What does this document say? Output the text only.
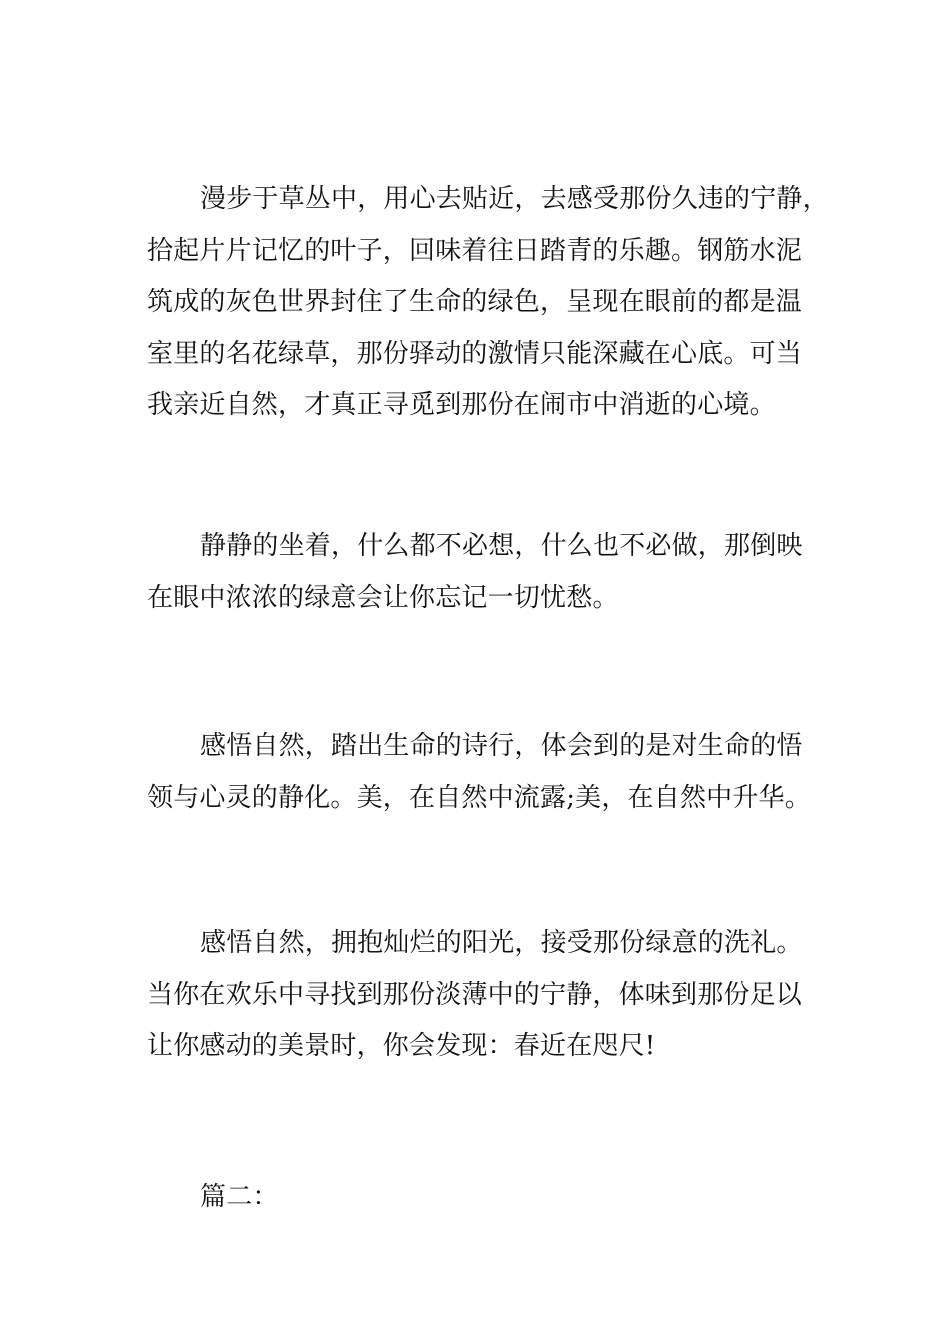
漫步于草丛中，用心去贴近，去感受那份久违的宁静，
拾起片片记忆的叶子，回味着往日踏青的乐趣。钢筋水泥
筑成的灰色世界封住了生命的绿色，呈现在眼前的都是温
室里的名花绿草，那份驿动的激情只能深藏在心底。可当
我亲近自然，才真正寻觅到那份在闹市中消逝的心境。
静静的坐着，什么都不必想，什么也不必做，那倒映
在眼中浓浓的绿意会让你忘记一切忧愁。
感悟自然，踏出生命的诗行，体会到的是对生命的悟
领与心灵的静化。美，在自然中流露;美，在自然中升华。
感悟自然，拥抱灿烂的阳光，接受那份绿意的洗礼。
当你在欢乐中寻找到那份淡薄中的宁静，体味到那份足以
让你感动的美景时，你会发现：春近在咫尺!
篇二：
